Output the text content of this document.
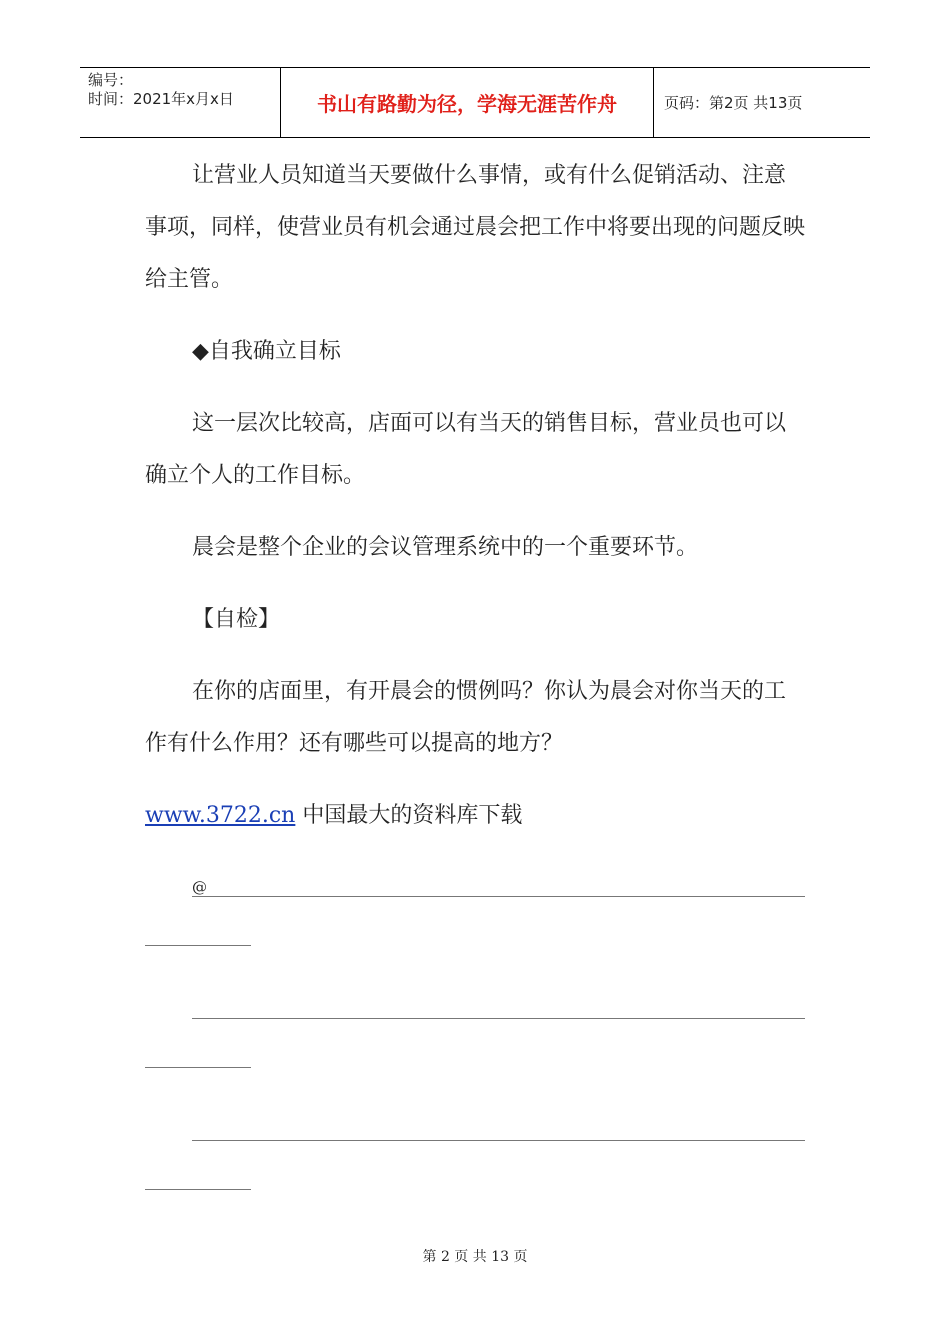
编号：
时间：2021年x月x日	书山有路勤为径，学海无涯苦作舟	页码：第2页 共13页

让营业人员知道当天要做什么事情，或有什么促销活动、注意事项，同样，使营业员有机会通过晨会把工作中将要出现的问题反映给主管。

◆自我确立目标

这一层次比较高，店面可以有当天的销售目标，营业员也可以确立个人的工作目标。

晨会是整个企业的会议管理系统中的一个重要环节。

【自检】

在你的店面里，有开晨会的惯例吗？你认为晨会对你当天的工作有什么作用？还有哪些可以提高的地方？

www.3722.cn 中国最大的资料库下载

@
第 2 页 共 13 页
